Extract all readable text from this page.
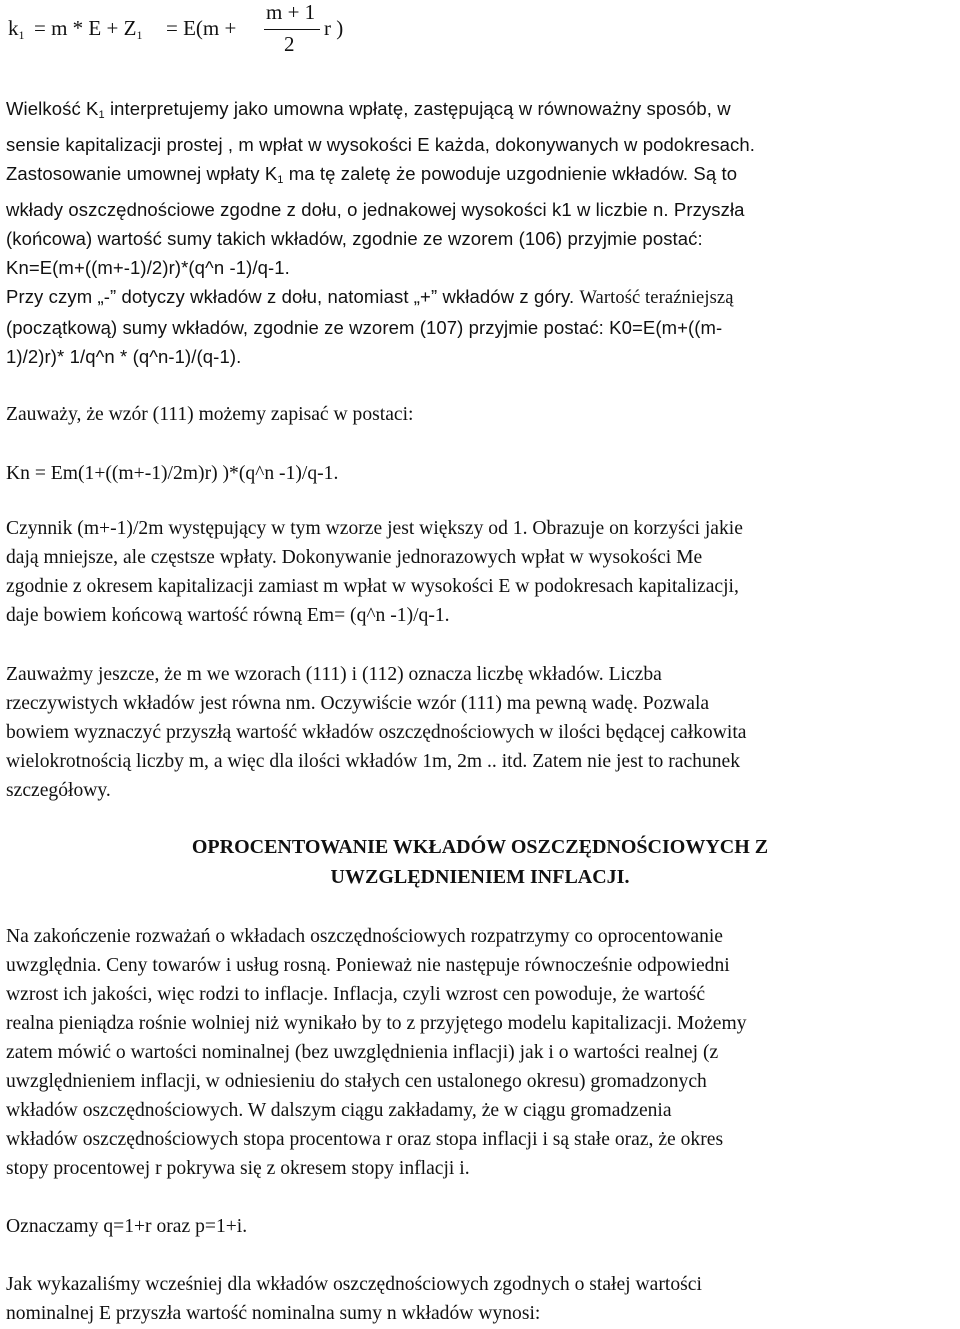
$k_1 = m * E + Z_1 = E(m$ +
m + 1
2
r )
Wielkość $K_1$ interpretujemy jako umowna wpłatę, zastępującą w równoważny sposób, w
sensie kapitalizacji prostej , m wpłat w wysokości E każda, dokonywanych w podokresach.
Zastosowanie umownej wpłaty $K_1$ ma tę zaletę że powoduje uzgodnienie wkładów. Są to
wkłady oszczędnościowe zgodne z dołu, o jednakowej wysokości k1 w liczbie n. Przyszła
(końcowa) wartość sumy takich wkładów, zgodnie ze wzorem (106) przyjmie postać:
Kn=E(m+((m+-1)/2)r)*(q^n -1)/q-1.
Przy czym „-” dotyczy wkładów z dołu, natomiast „+” wkładów z góry. Wartość teraźniejszą
(początkową) sumy wkładów, zgodnie ze wzorem (107) przyjmie postać: K0=E(m+((m-
1)/2)r)* 1/q^n * (q^n-1)/(q-1).
Zauważy, że wzór (111) możemy zapisać w postaci:
Kn = Em(1+((m+-1)/2m)r) )*(q^n -1)/q-1.
Czynnik (m+-1)/2m występujący w tym wzorze jest większy od 1. Obrazuje on korzyści jakie
dają mniejsze, ale częstsze wpłaty. Dokonywanie jednorazowych wpłat w wysokości Me
zgodnie z okresem kapitalizacji zamiast m wpłat w wysokości E w podokresach kapitalizacji,
daje bowiem końcową wartość równą Em= (q^n -1)/q-1.
Zauważmy jeszcze, że m we wzorach (111) i (112) oznacza liczbę wkładów. Liczba
rzeczywistych wkładów jest równa nm. Oczywiście wzór (111) ma pewną wadę. Pozwala
bowiem wyznaczyć przyszłą wartość wkładów oszczędnościowych w ilości będącej całkowita
wielokrotnością liczby m, a więc dla ilości wkładów 1m, 2m .. itd. Zatem nie jest to rachunek
szczegółowy.
OPROCENTOWANIE WKŁADÓW OSZCZĘDNOŚCIOWYCH Z
UWZGLĘDNIENIEM INFLACJI.
Na zakończenie rozważań o wkładach oszczędnościowych rozpatrzymy co oprocentowanie
uwzględnia. Ceny towarów i usług rosną. Ponieważ nie następuje równocześnie odpowiedni
wzrost ich jakości, więc rodzi to inflacje. Inflacja, czyli wzrost cen powoduje, że wartość
realna pieniądza rośnie wolniej niż wynikało by to z przyjętego modelu kapitalizacji. Możemy
zatem mówić o wartości nominalnej (bez uwzględnienia inflacji) jak i o wartości realnej (z
uwzględnieniem inflacji, w odniesieniu do stałych cen ustalonego okresu) gromadzonych
wkładów oszczędnościowych. W dalszym ciągu zakładamy, że w ciągu gromadzenia
wkładów oszczędnościowych stopa procentowa r oraz stopa inflacji i są stałe oraz, że okres
stopy procentowej r pokrywa się z okresem stopy inflacji i.
Oznaczamy q=1+r oraz p=1+i.
Jak wykazaliśmy wcześniej dla wkładów oszczędnościowych zgodnych o stałej wartości
nominalnej E przyszła wartość nominalna sumy n wkładów wynosi:
